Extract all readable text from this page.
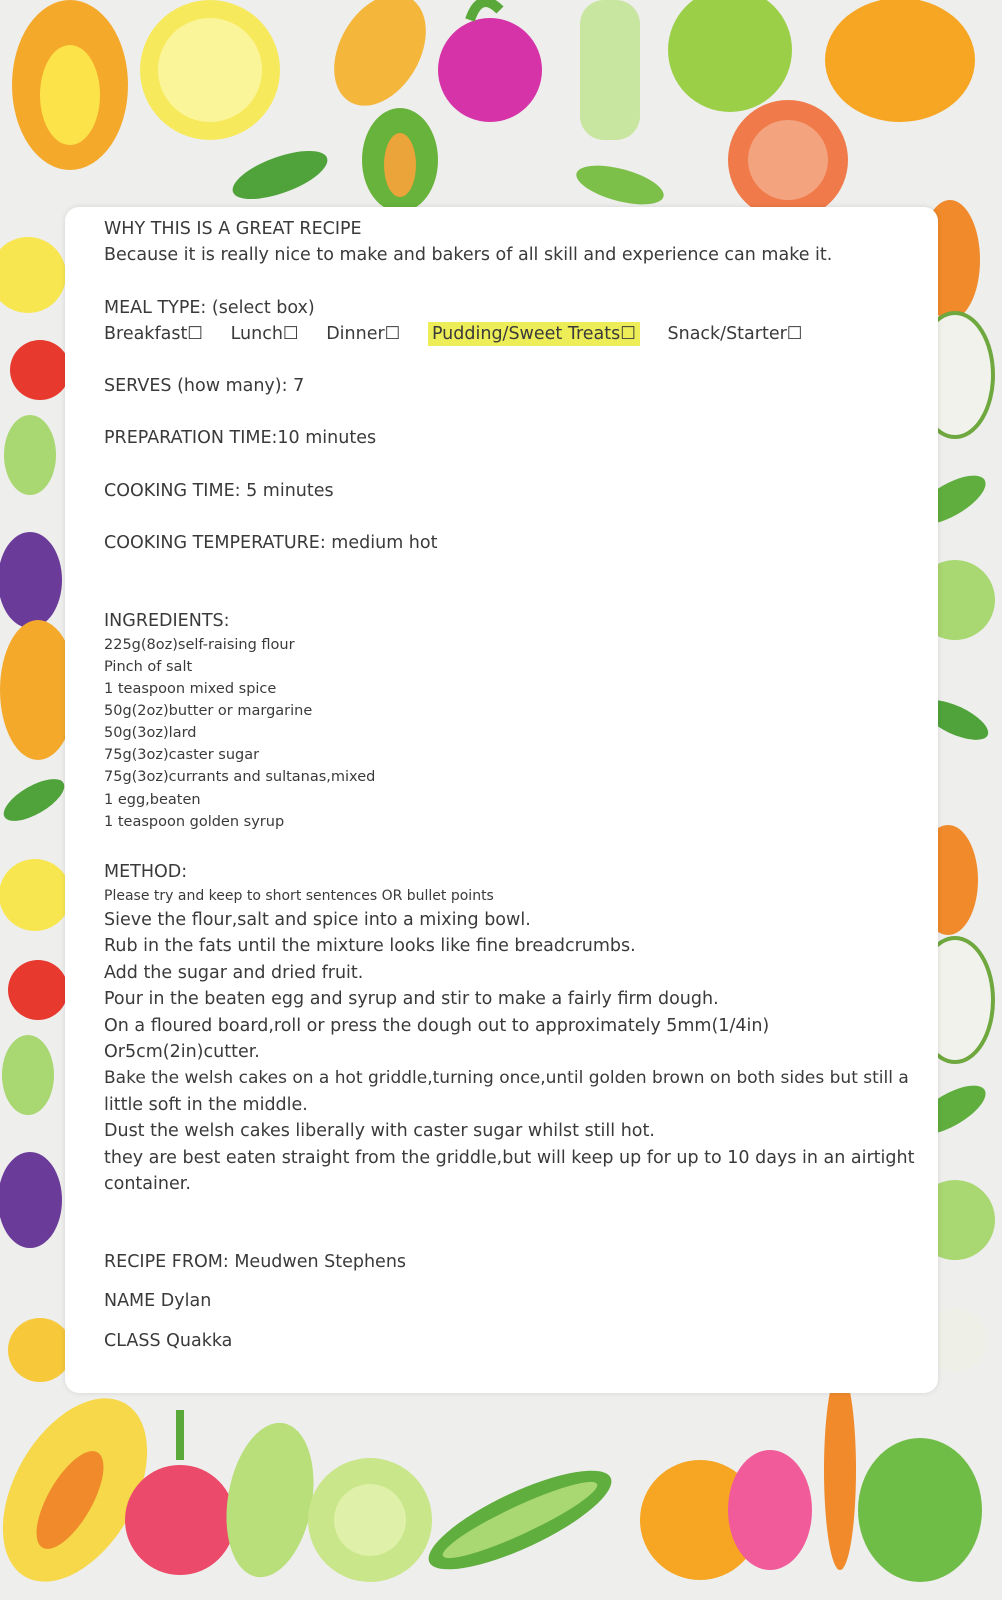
WHY THIS IS A GREAT RECIPE
Because it is really nice to make and bakers of all skill and experience can make it.
MEAL TYPE: (select box)
Breakfast☐ Lunch☐ Dinner☐ Pudding/Sweet Treats☐ Snack/Starter☐
SERVES (how many): 7
PREPARATION TIME:10 minutes
COOKING TIME: 5 minutes
COOKING TEMPERATURE: medium hot
INGREDIENTS:
225g(8oz)self-raising flour
Pinch of salt
1 teaspoon mixed spice
50g(2oz)butter or margarine
50g(3oz)lard
75g(3oz)caster sugar
75g(3oz)currants and sultanas,mixed
1 egg,beaten
1 teaspoon golden syrup
METHOD:
Please try and keep to short sentences OR bullet points
Sieve the flour,salt and spice into a mixing bowl.
Rub in the fats until the mixture looks like fine breadcrumbs.
Add the sugar and dried fruit.
Pour in the beaten egg and syrup and stir to make a fairly firm dough.
On a floured board,roll or press the dough out to approximately 5mm(1/4in)
Or5cm(2in)cutter.
Bake the welsh cakes on a hot griddle,turning once,until golden brown on both sides but still a
little soft in the middle.
Dust the welsh cakes liberally with caster sugar whilst still hot.
they are best eaten straight from the griddle,but will keep up for up to 10 days in an airtight
container.
RECIPE FROM: Meudwen Stephens
NAME Dylan
CLASS Quakka
